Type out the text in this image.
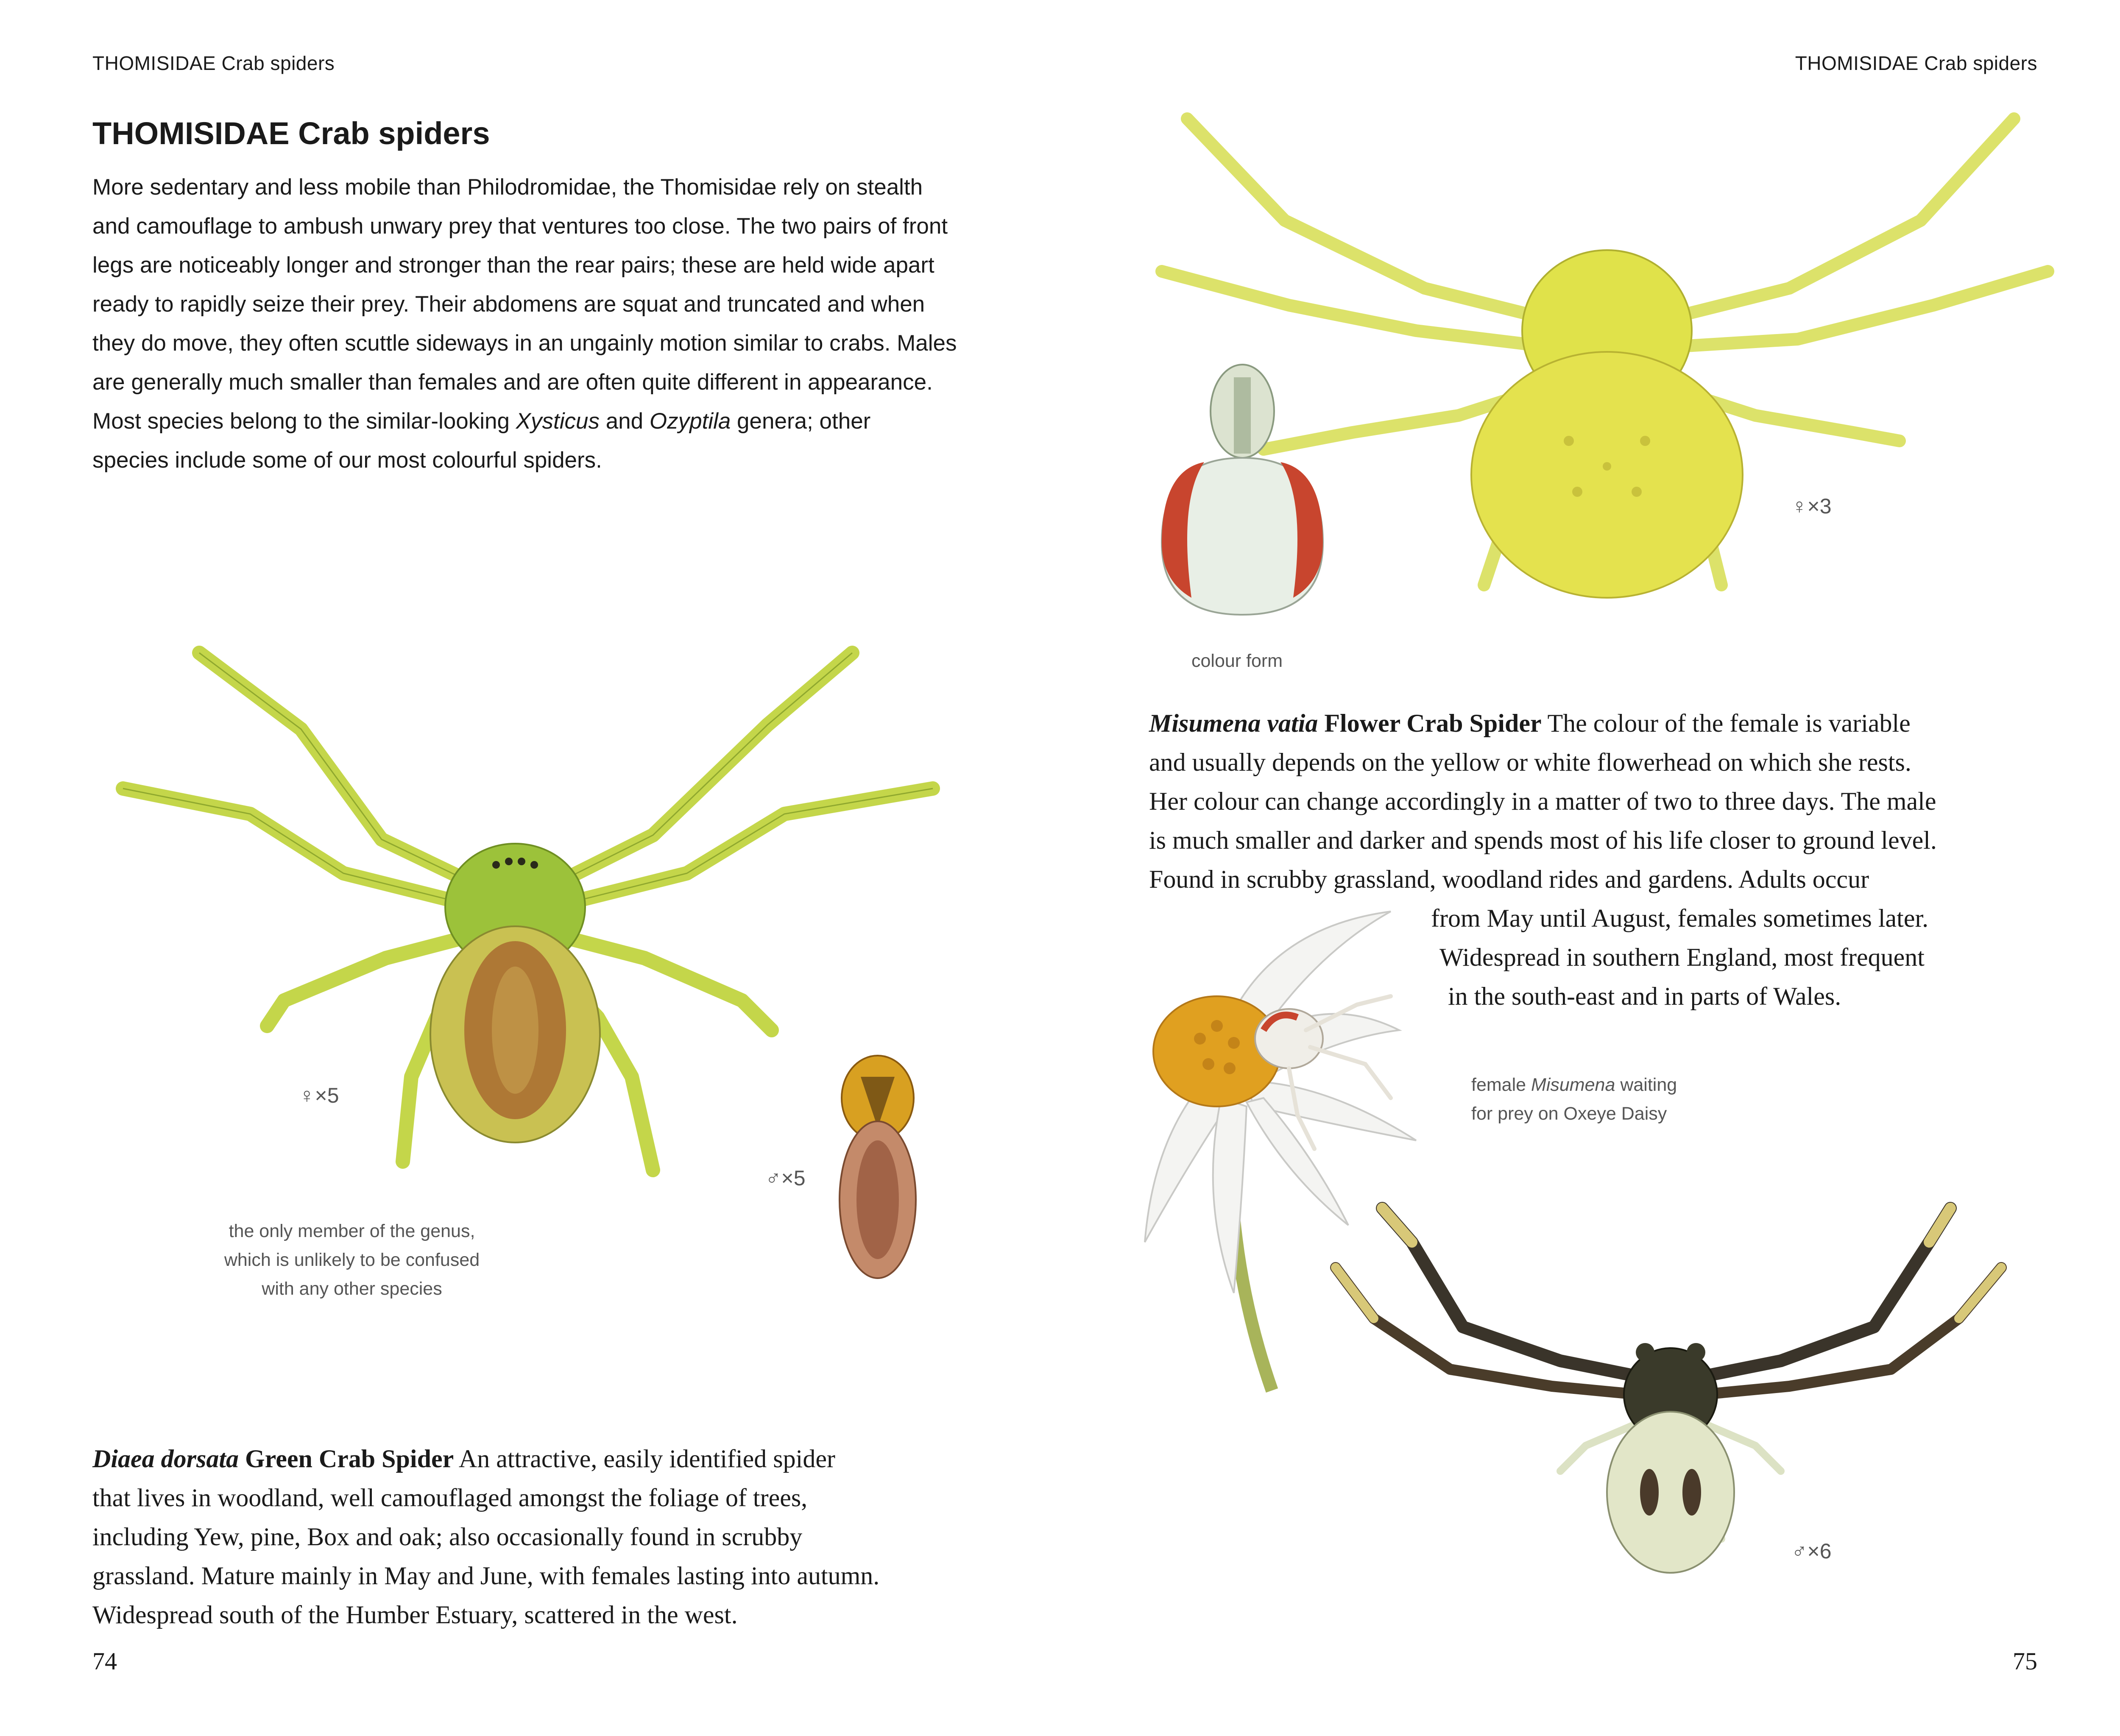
THOMISIDAE Crab spiders
THOMISIDAE Crab spiders
More sedentary and less mobile than Philodromidae, the Thomisidae rely on stealth
and camouflage to ambush unwary prey that ventures too close. The two pairs of front
legs are noticeably longer and stronger than the rear pairs; these are held wide apart
ready to rapidly seize their prey. Their abdomens are squat and truncated and when
they do move, they often scuttle sideways in an ungainly motion similar to crabs. Males
are generally much smaller than females and are often quite different in appearance.
Most species belong to the similar-looking Xysticus and Ozyptila genera; other
species include some of our most colourful spiders.
♀×5
♂×5
the only member of the genus,
which is unlikely to be confused
with any other species
Diaea dorsata Green Crab Spider An attractive, easily identified spider
that lives in woodland, well camouflaged amongst the foliage of trees,
including Yew, pine, Box and oak; also occasionally found in scrubby
grassland. Mature mainly in May and June, with females lasting into autumn.
Widespread south of the Humber Estuary, scattered in the west.
74
THOMISIDAE Crab spiders
colour form
♀×3
Misumena vatia Flower Crab Spider The colour of the female is variable
and usually depends on the yellow or white flowerhead on which she rests.
Her colour can change accordingly in a matter of two to three days. The male
is much smaller and darker and spends most of his life closer to ground level.
Found in scrubby grassland, woodland rides and gardens. Adults occur
from May until August, females sometimes later.
Widespread in southern England, most frequent
in the south-east and in parts of Wales.
female Misumena waiting
for prey on Oxeye Daisy
♂×6
75
